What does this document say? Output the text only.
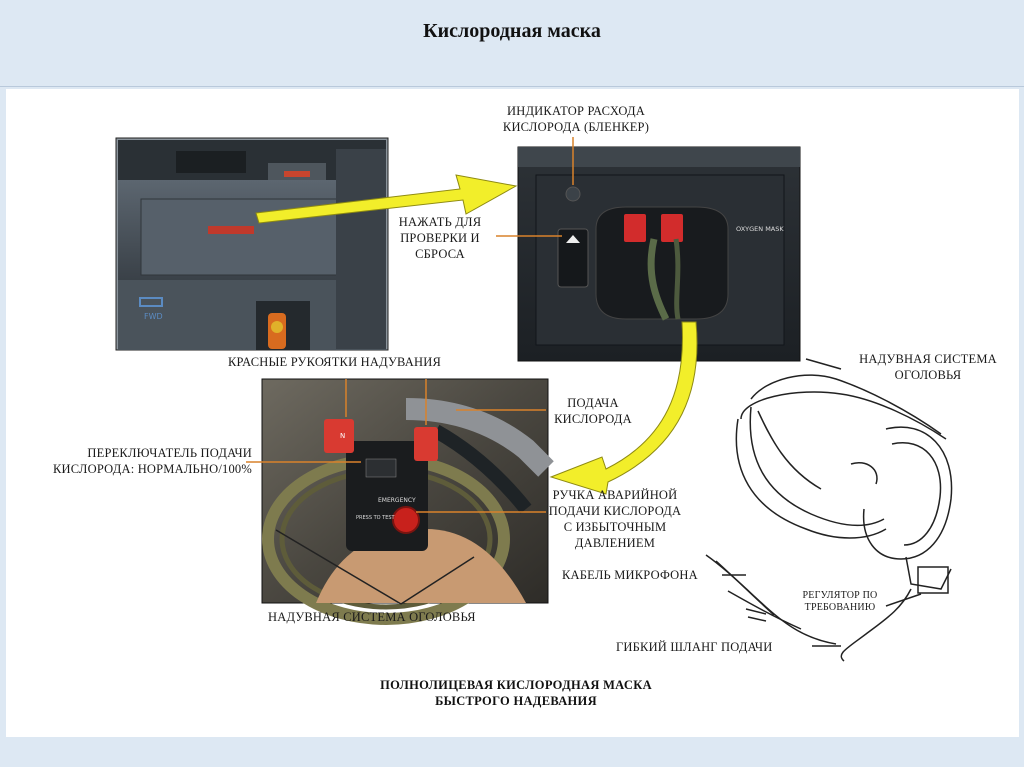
Кислородная маска
FWD
OXYGEN MASK
N
EMERGENCY
PRESS TO TEST
ИНДИКАТОР РАСХОДА
КИСЛОРОДА (БЛЕНКЕР)
НАЖАТЬ ДЛЯ
ПРОВЕРКИ И
СБРОСА
КРАСНЫЕ РУКОЯТКИ НАДУВАНИЯ
ПОДАЧА
КИСЛОРОДА
ПЕРЕКЛЮЧАТЕЛЬ ПОДАЧИ
КИСЛОРОДА: НОРМАЛЬНО/100%
РУЧКА АВАРИЙНОЙ
ПОДАЧИ КИСЛОРОДА
С ИЗБЫТОЧНЫМ
ДАВЛЕНИЕМ
НАДУВНАЯ СИСТЕМА ОГОЛОВЬЯ
НАДУВНАЯ СИСТЕМА
ОГОЛОВЬЯ
КАБЕЛЬ МИКРОФОНА
РЕГУЛЯТОР ПО
ТРЕБОВАНИЮ
ГИБКИЙ ШЛАНГ ПОДАЧИ
ПОЛНОЛИЦЕВАЯ КИСЛОРОДНАЯ МАСКА
БЫСТРОГО НАДЕВАНИЯ
